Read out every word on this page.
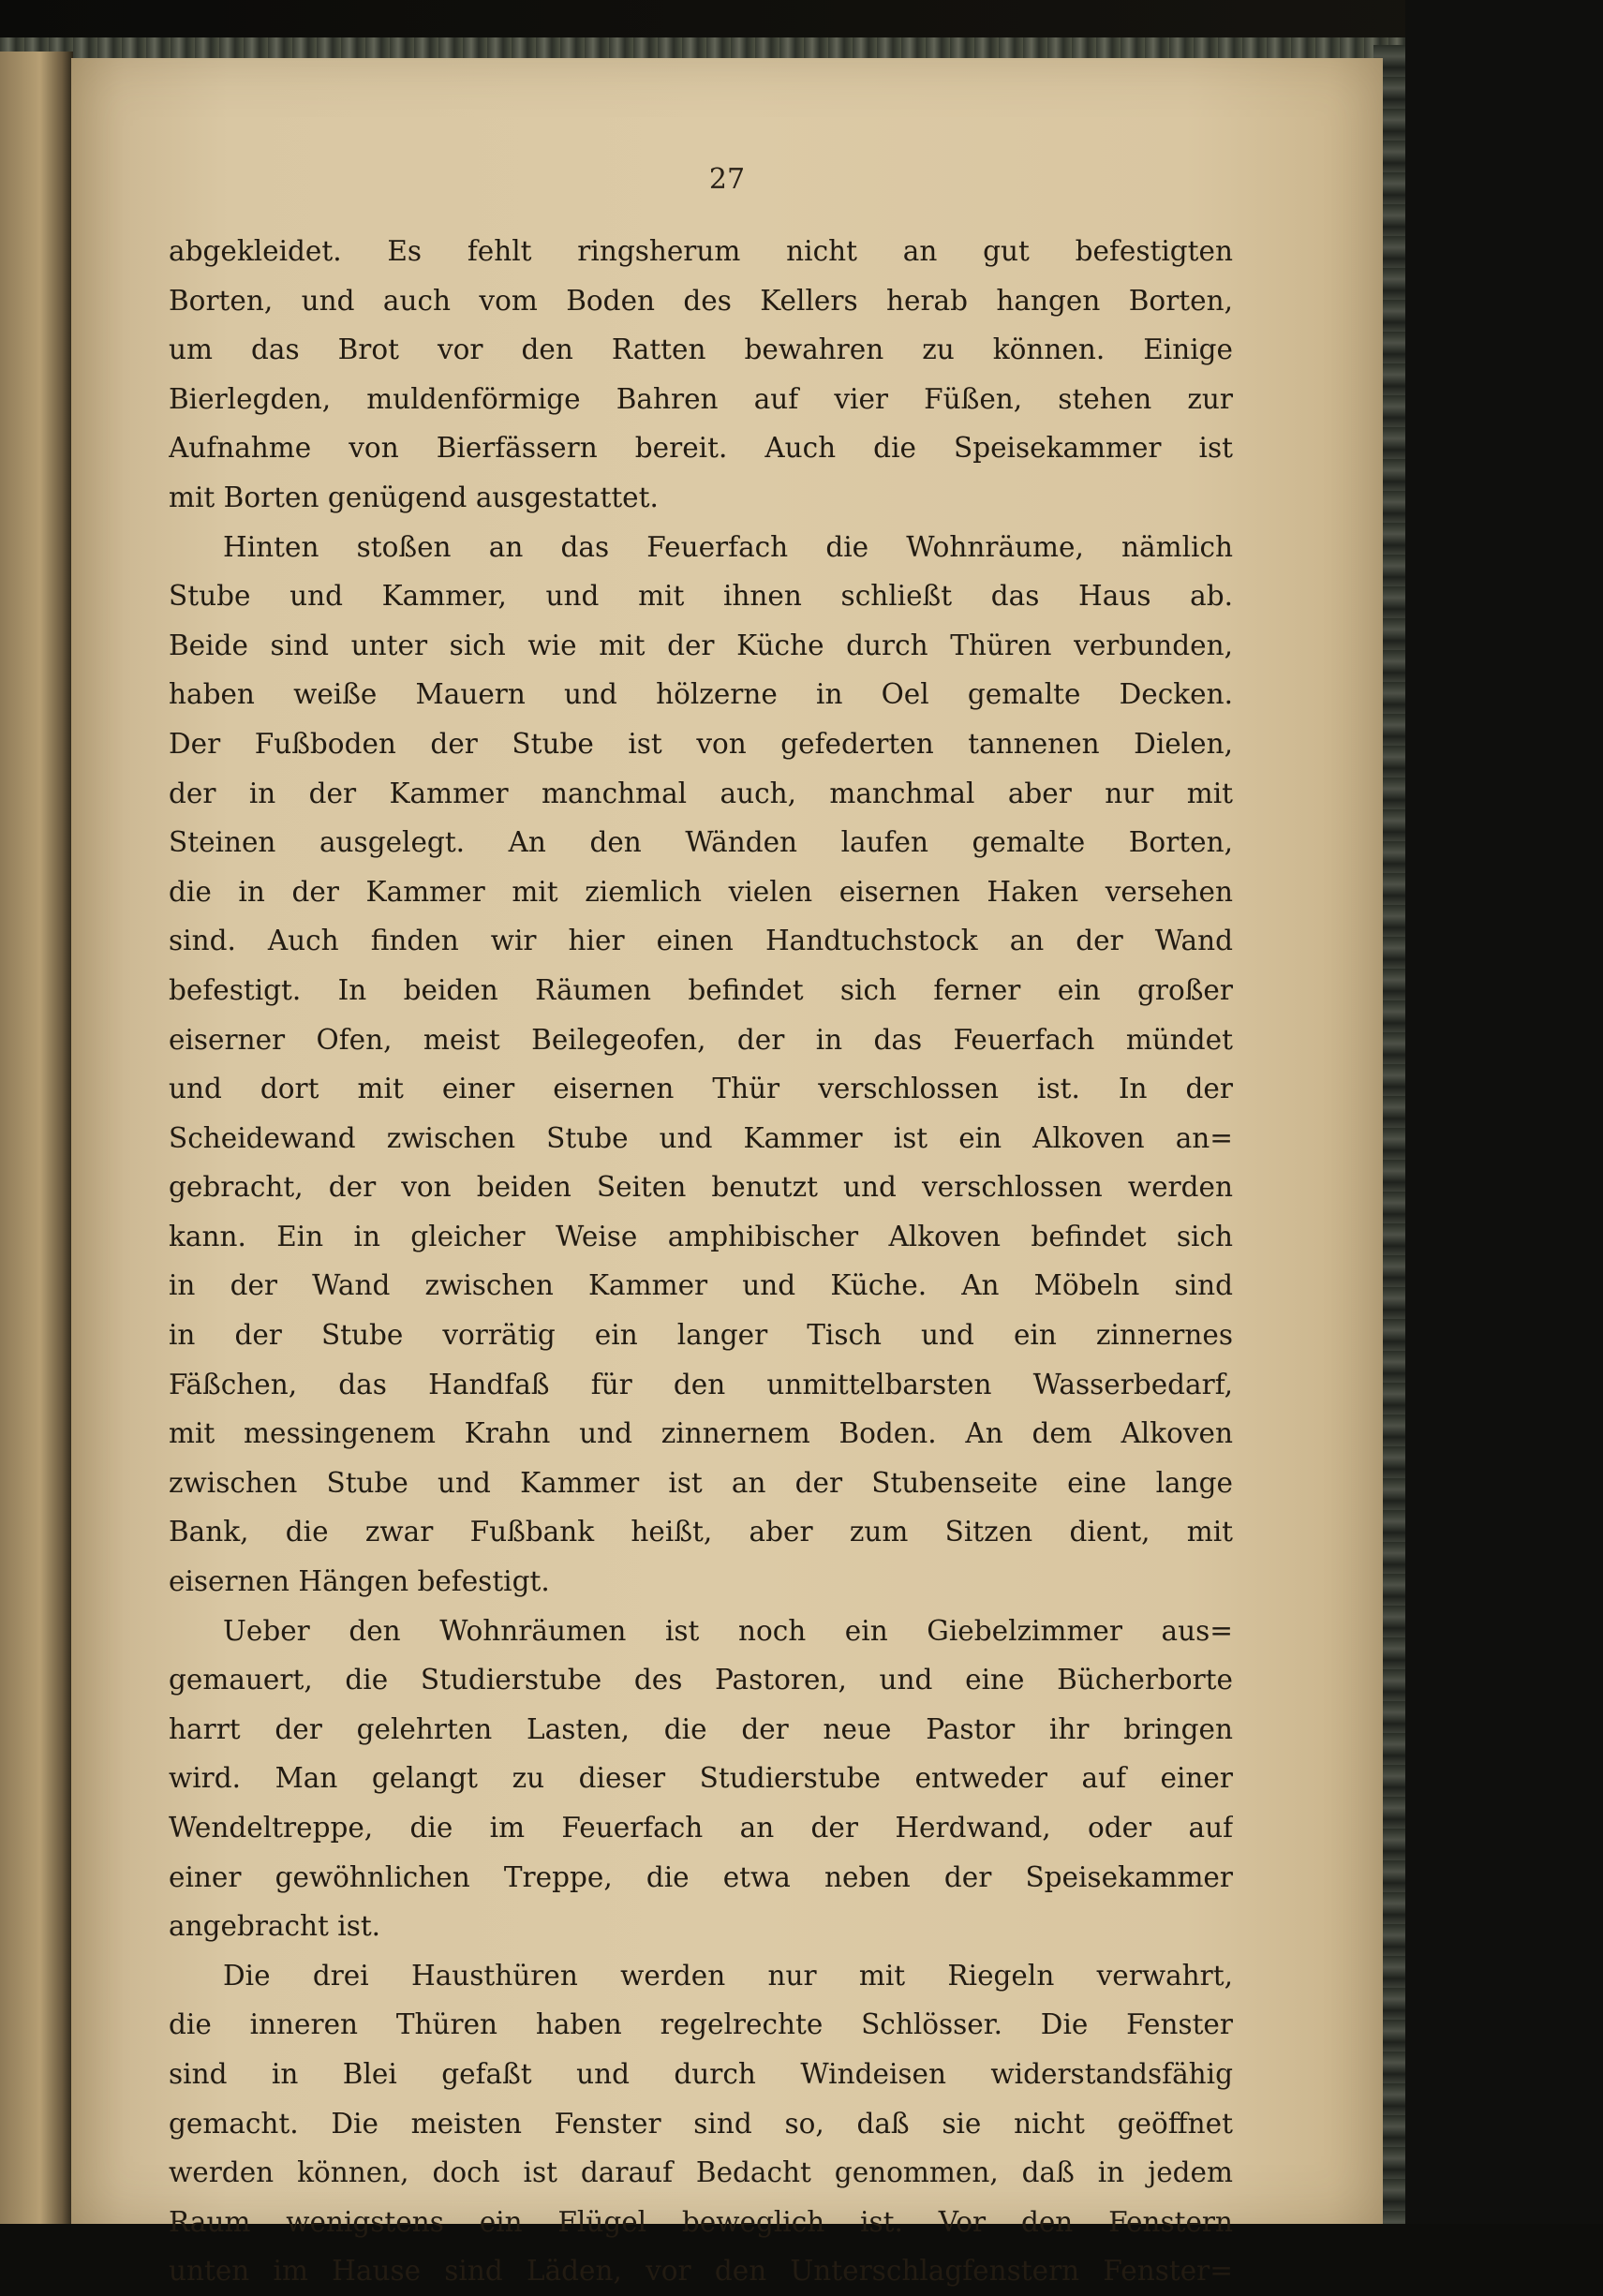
27
abgekleidet. Es fehlt ringsherum nicht an gut befestigten
Borten, und auch vom Boden des Kellers herab hangen Borten,
um das Brot vor den Ratten bewahren zu können. Einige
Bierlegden, muldenförmige Bahren auf vier Füßen, stehen zur
Aufnahme von Bierfässern bereit. Auch die Speisekammer ist
mit Borten genügend ausgestattet.
Hinten stoßen an das Feuerfach die Wohnräume, nämlich
Stube und Kammer, und mit ihnen schließt das Haus ab.
Beide sind unter sich wie mit der Küche durch Thüren verbunden,
haben weiße Mauern und hölzerne in Oel gemalte Decken.
Der Fußboden der Stube ist von gefederten tannenen Dielen,
der in der Kammer manchmal auch, manchmal aber nur mit
Steinen ausgelegt. An den Wänden laufen gemalte Borten,
die in der Kammer mit ziemlich vielen eisernen Haken versehen
sind. Auch finden wir hier einen Handtuchstock an der Wand
befestigt. In beiden Räumen befindet sich ferner ein großer
eiserner Ofen, meist Beilegeofen, der in das Feuerfach mündet
und dort mit einer eisernen Thür verschlossen ist. In der
Scheidewand zwischen Stube und Kammer ist ein Alkoven an=
gebracht, der von beiden Seiten benutzt und verschlossen werden
kann. Ein in gleicher Weise amphibischer Alkoven befindet sich
in der Wand zwischen Kammer und Küche. An Möbeln sind
in der Stube vorrätig ein langer Tisch und ein zinnernes
Fäßchen, das Handfaß für den unmittelbarsten Wasserbedarf,
mit messingenem Krahn und zinnernem Boden. An dem Alkoven
zwischen Stube und Kammer ist an der Stubenseite eine lange
Bank, die zwar Fußbank heißt, aber zum Sitzen dient, mit
eisernen Hängen befestigt.
Ueber den Wohnräumen ist noch ein Giebelzimmer aus=
gemauert, die Studierstube des Pastoren, und eine Bücherborte
harrt der gelehrten Lasten, die der neue Pastor ihr bringen
wird. Man gelangt zu dieser Studierstube entweder auf einer
Wendeltreppe, die im Feuerfach an der Herdwand, oder auf
einer gewöhnlichen Treppe, die etwa neben der Speisekammer
angebracht ist.
Die drei Hausthüren werden nur mit Riegeln verwahrt,
die inneren Thüren haben regelrechte Schlösser. Die Fenster
sind in Blei gefaßt und durch Windeisen widerstandsfähig
gemacht. Die meisten Fenster sind so, daß sie nicht geöffnet
werden können, doch ist darauf Bedacht genommen, daß in jedem
Raum wenigstens ein Flügel beweglich ist. Vor den Fenstern
unten im Hause sind Läden, vor den Unterschlagfenstern Fenster=
